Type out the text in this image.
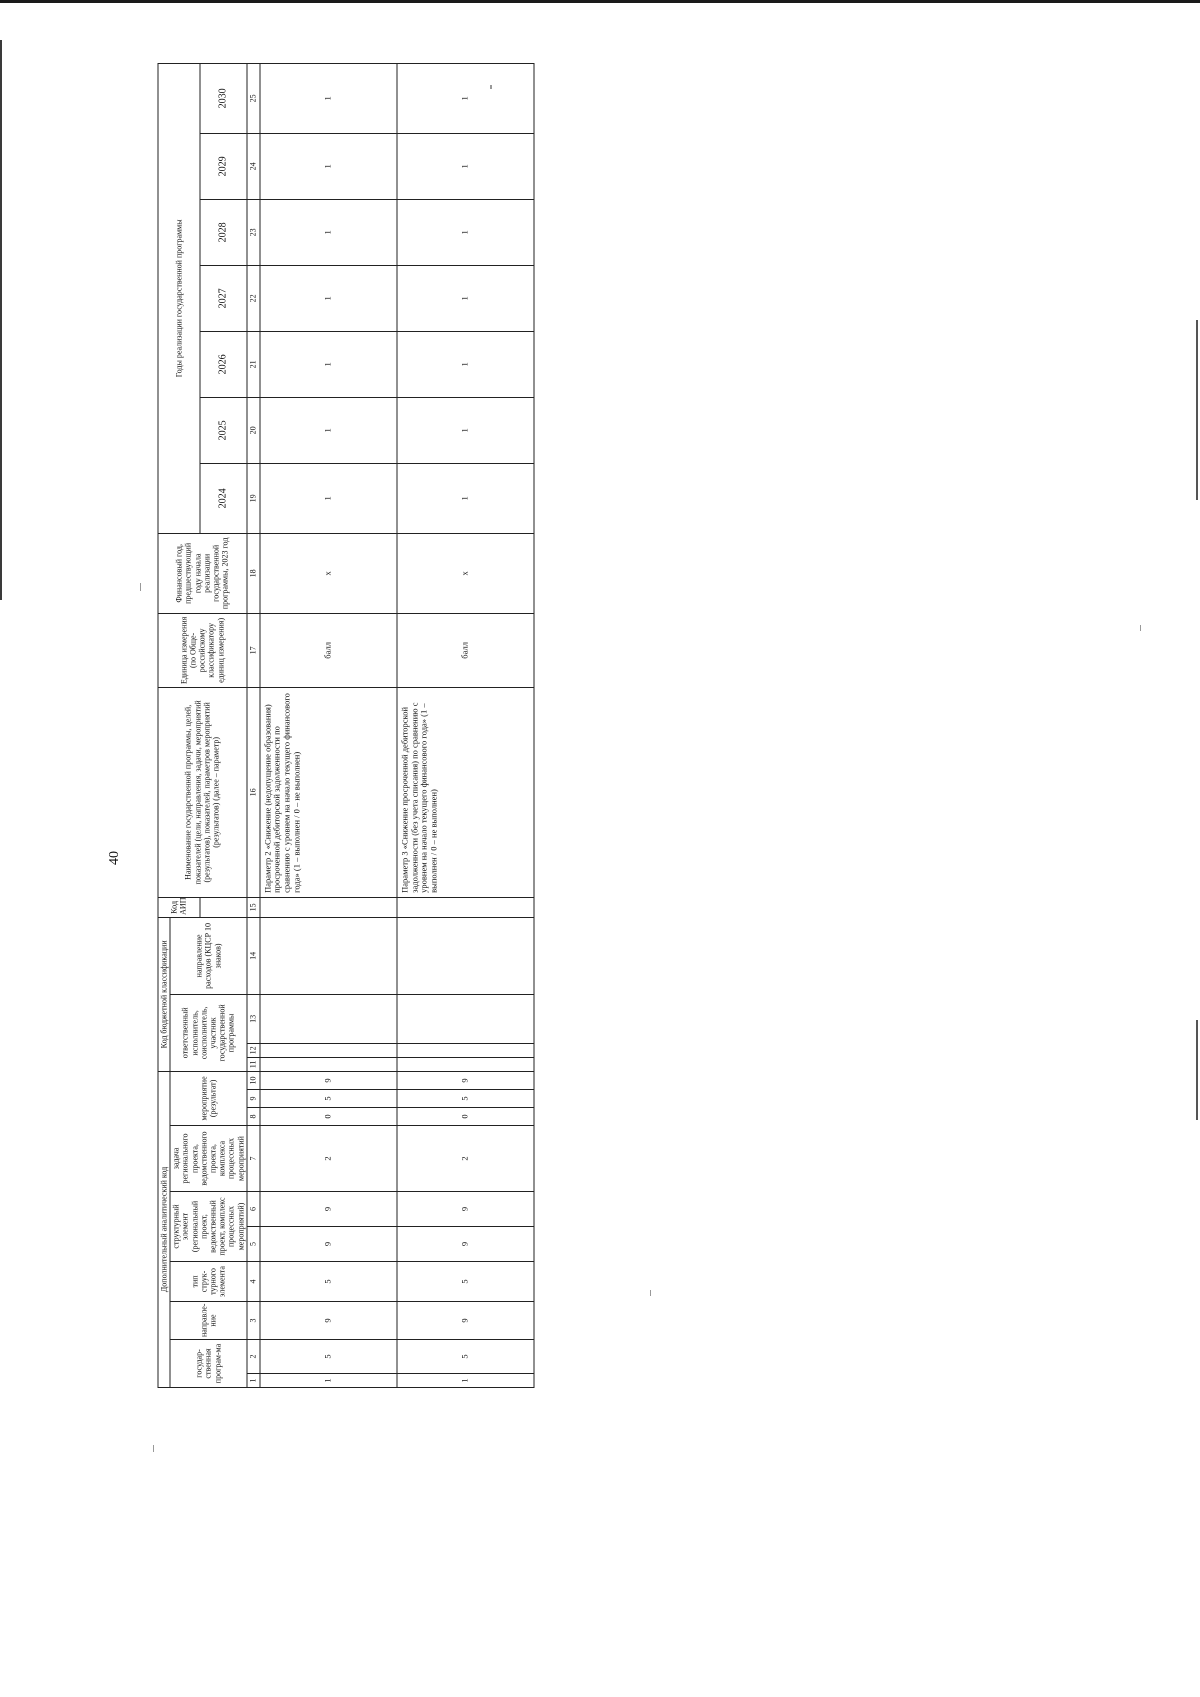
40
Дополнительный аналитический код										Код бюджетной классификации				Код АИП	Наименование государственной программы, целей, показателей (цели, направления, задачи, мероприятий (результатов), показателей, параметров мероприятий (результатов) (далее – параметр)	Единица измерения (по Обще-российскому классификатору единиц измерения)	Финансовый год, предшествующий году начала реализации государственной программы, 2023 год	Годы реализации государственной программы						
государ-ственная програм-ма		направле-ние	тип струк-турного элемента	структурный элемент (региональный проект, ведомственный проект, комплекс процессных мероприятий)		задача регионального проекта, ведомственного проекта, комплекса процессных мероприятий	мероприятие (результат)			ответственный исполнитель, соисполнитель, участник государственной программы			направление расходов (КЦСР 10 знаков)											
																		2024	2025	2026	2027	2028	2029	2030
1	2	3	4	5	6	7	8	9	10	11	12	13	14	15	16	17	18	19	20	21	22	23	24	25
1	5	9	5	9	9	2	0	5	9						Параметр 2 «Снижение (недопущение образования) просроченной дебиторской задолженности по сравнению с уровнем на начало текущего финансового года» (1 – выполнен / 0 – не выполнен)	балл	x	1	1	1	1	1	1	1
1	5	9	5	9	9	2	0	5	9						Параметр 3 «Снижение просроченной дебиторской задолженности (без учета списания) по сравнению с уровнем на начало текущего финансового года» (1 – выполнен / 0 – не выполнен)	балл	x	1	1	1	1	1	1	1
